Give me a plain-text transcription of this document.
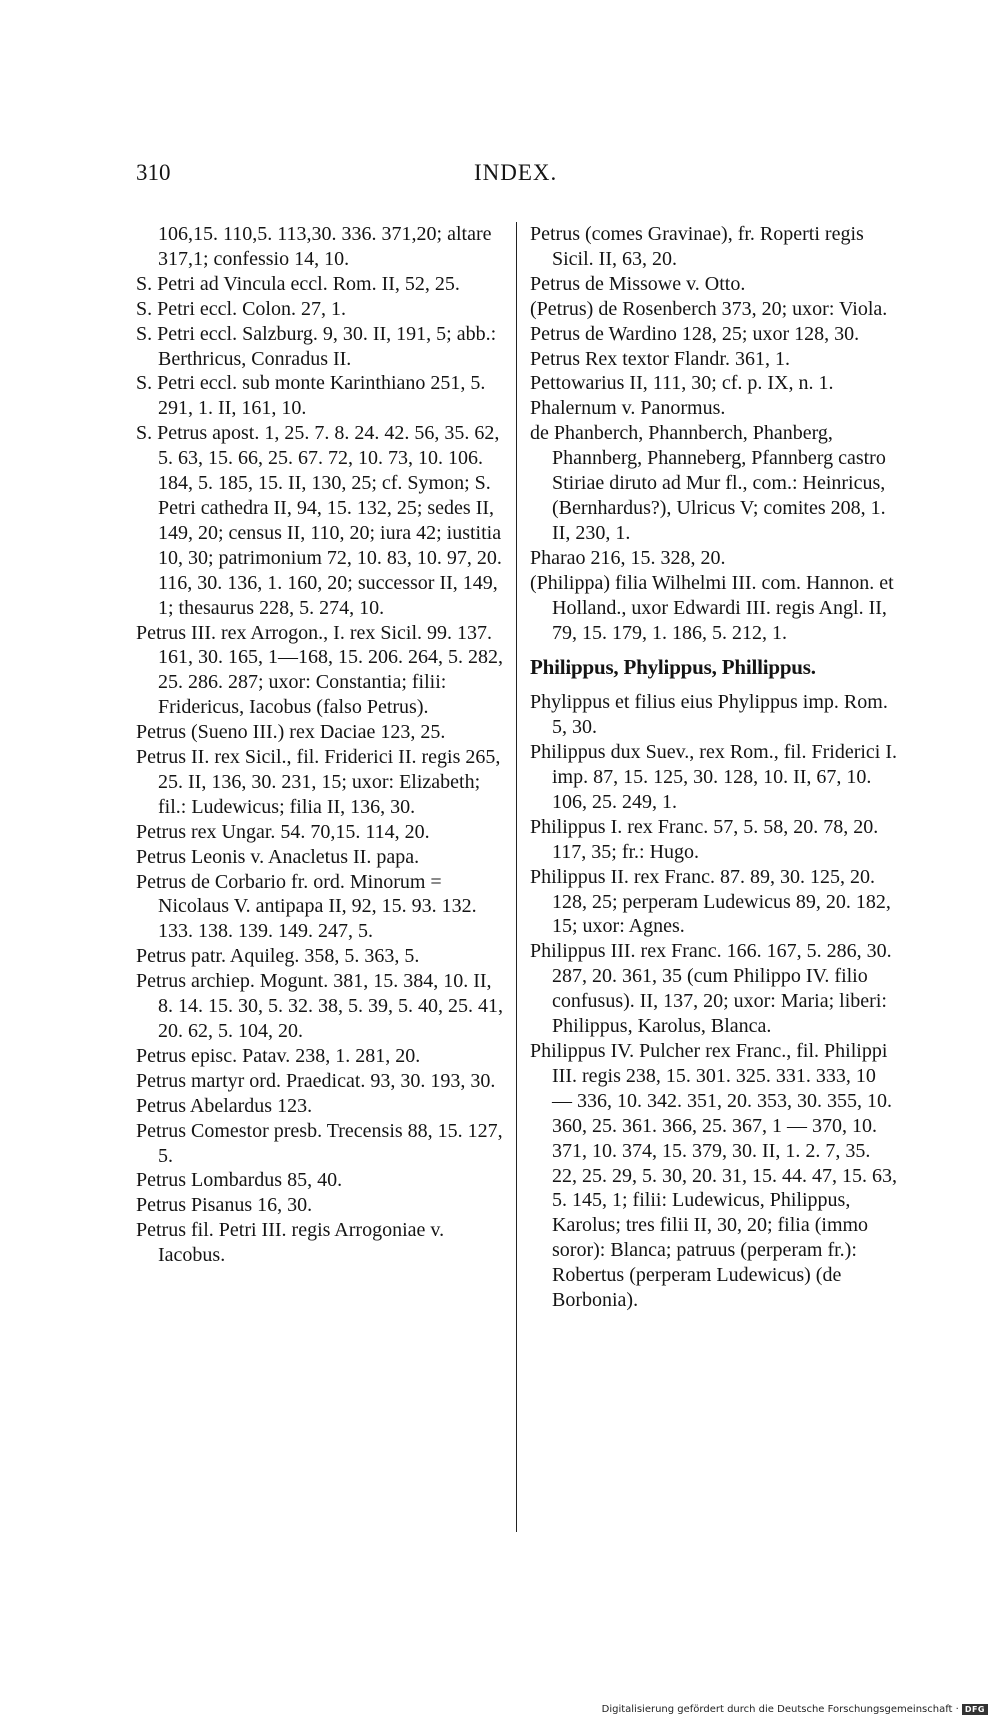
310	INDEX.
106,15. 110,5. 113,30. 336. 371,20; altare 317,1; confessio 14, 10.
S. Petri ad Vincula eccl. Rom. II, 52, 25.
S. Petri eccl. Colon. 27, 1.
S. Petri eccl. Salzburg. 9, 30. II, 191, 5; abb.: Berthricus, Conradus II.
S. Petri eccl. sub monte Karinthiano 251, 5. 291, 1. II, 161, 10.
S. Petrus apost. 1, 25. 7. 8. 24. 42. 56, 35. 62, 5. 63, 15. 66, 25. 67. 72, 10. 73, 10. 106. 184, 5. 185, 15. II, 130, 25; cf. Symon; S. Petri cathedra II, 94, 15. 132, 25; sedes II, 149, 20; census II, 110, 20; iura 42; iustitia 10, 30; patrimonium 72, 10. 83, 10. 97, 20. 116, 30. 136, 1. 160, 20; successor II, 149, 1; thesaurus 228, 5. 274, 10.
Petrus III. rex Arrogon., I. rex Sicil. 99. 137. 161, 30. 165, 1—168, 15. 206. 264, 5. 282, 25. 286. 287; uxor: Constantia; filii: Fridericus, Iacobus (falso Petrus).
Petrus (Sueno III.) rex Daciae 123, 25.
Petrus II. rex Sicil., fil. Friderici II. regis 265, 25. II, 136, 30. 231, 15; uxor: Elizabeth; fil.: Ludewicus; filia II, 136, 30.
Petrus rex Ungar. 54. 70,15. 114, 20.
Petrus Leonis v. Anacletus II. papa.
Petrus de Corbario fr. ord. Minorum = Nicolaus V. antipapa II, 92, 15. 93. 132. 133. 138. 139. 149. 247, 5.
Petrus patr. Aquileg. 358, 5. 363, 5.
Petrus archiep. Mogunt. 381, 15. 384, 10. II, 8. 14. 15. 30, 5. 32. 38, 5. 39, 5. 40, 25. 41, 20. 62, 5. 104, 20.
Petrus episc. Patav. 238, 1. 281, 20.
Petrus martyr ord. Praedicat. 93, 30. 193, 30.
Petrus Abelardus 123.
Petrus Comestor presb. Trecensis 88, 15. 127, 5.
Petrus Lombardus 85, 40.
Petrus Pisanus 16, 30.
Petrus fil. Petri III. regis Arrogoniae v. Iacobus.
Petrus (comes Gravinae), fr. Roperti regis Sicil. II, 63, 20.
Petrus de Missowe v. Otto.
(Petrus) de Rosenberch 373, 20; uxor: Viola.
Petrus de Wardino 128, 25; uxor 128, 30.
Petrus Rex textor Flandr. 361, 1.
Pettowarius II, 111, 30; cf. p. IX, n. 1.
Phalernum v. Panormus.
de Phanberch, Phannberch, Phanberg, Phannberg, Phanneberg, Pfannberg castro Stiriae diruto ad Mur fl., com.: Heinricus, (Bernhardus?), Ulricus V; comites 208, 1. II, 230, 1.
Pharao 216, 15. 328, 20.
(Philippa) filia Wilhelmi III. com. Hannon. et Holland., uxor Edwardi III. regis Angl. II, 79, 15. 179, 1. 186, 5. 212, 1.
Philippus, Phylippus, Phillippus.
Phylippus et filius eius Phylippus imp. Rom. 5, 30.
Philippus dux Suev., rex Rom., fil. Friderici I. imp. 87, 15. 125, 30. 128, 10. II, 67, 10. 106, 25. 249, 1.
Philippus I. rex Franc. 57, 5. 58, 20. 78, 20. 117, 35; fr.: Hugo.
Philippus II. rex Franc. 87. 89, 30. 125, 20. 128, 25; perperam Ludewicus 89, 20. 182, 15; uxor: Agnes.
Philippus III. rex Franc. 166. 167, 5. 286, 30. 287, 20. 361, 35 (cum Philippo IV. filio confusus). II, 137, 20; uxor: Maria; liberi: Philippus, Karolus, Blanca.
Philippus IV. Pulcher rex Franc., fil. Philippi III. regis 238, 15. 301. 325. 331. 333, 10 — 336, 10. 342. 351, 20. 353, 30. 355, 10. 360, 25. 361. 366, 25. 367, 1 — 370, 10. 371, 10. 374, 15. 379, 30. II, 1. 2. 7, 35. 22, 25. 29, 5. 30, 20. 31, 15. 44. 47, 15. 63, 5. 145, 1; filii: Ludewicus, Philippus, Karolus; tres filii II, 30, 20; filia (immo soror): Blanca; patruus (perperam fr.): Robertus (perperam Ludewicus) (de Borbonia).
Digitalisierung gefördert durch die Deutsche Forschungsgemeinschaft · DFG
